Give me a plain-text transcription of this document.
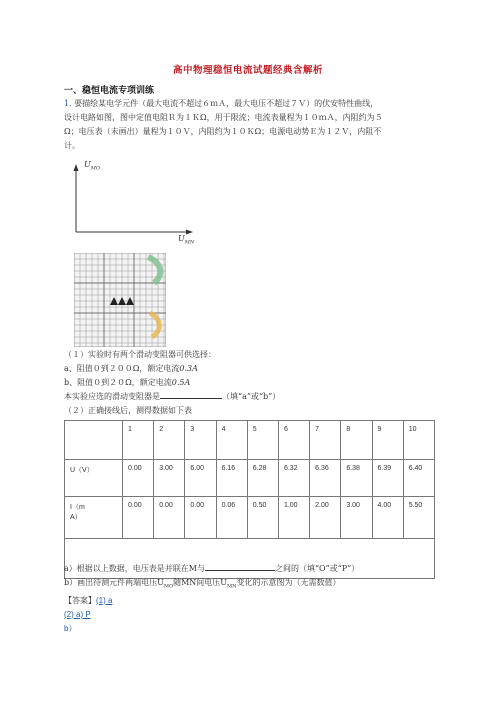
高中物理稳恒电流试题经典含解析
一、稳恒电流专项训练
1. 要描绘某电学元件（最大电流不超过６ｍＡ，最大电压不超过７Ｖ）的伏安特性曲线，
设计电路如图，图中定值电阻Ｒ为１ＫΩ，用于限流；电流表量程为１０ｍＡ，内阻约为５
Ω；电压表（未画出）量程为１０Ｖ，内阻约为１０ＫΩ；电源电动势Ｅ为１２Ｖ，内阻不
计。
$U_{MO}$
$U_{MN}$
（１）实验时有两个滑动变阻器可供选择：
a、阻值０到２００Ω，额定电流0.3A
b、阻值０到２０Ω，额定电流0.5A
本实验应选的滑动变阻器是	（填“a”或“b”）
（２）正确接线后，测得数据如下表
	1	2	3	4	5	6	7	8	9	10
U（V）	0.00	3.00	6.00	6.16	6.28	6.32	6.36	6.38	6.39	6.40
I（m
A）	0.00	0.00	0.00	0.06	0.50	1.00	2.00	3.00	4.00	5.50

a）根据以上数据，电压表是并联在M与	之间的（填“O”或“P”）
b）画出待测元件两端电压$U_{MO}$随MN间电压$U_{MN}$变化的示意图为（无需数值）
【答案】(1) a
(2) a) P
b）
